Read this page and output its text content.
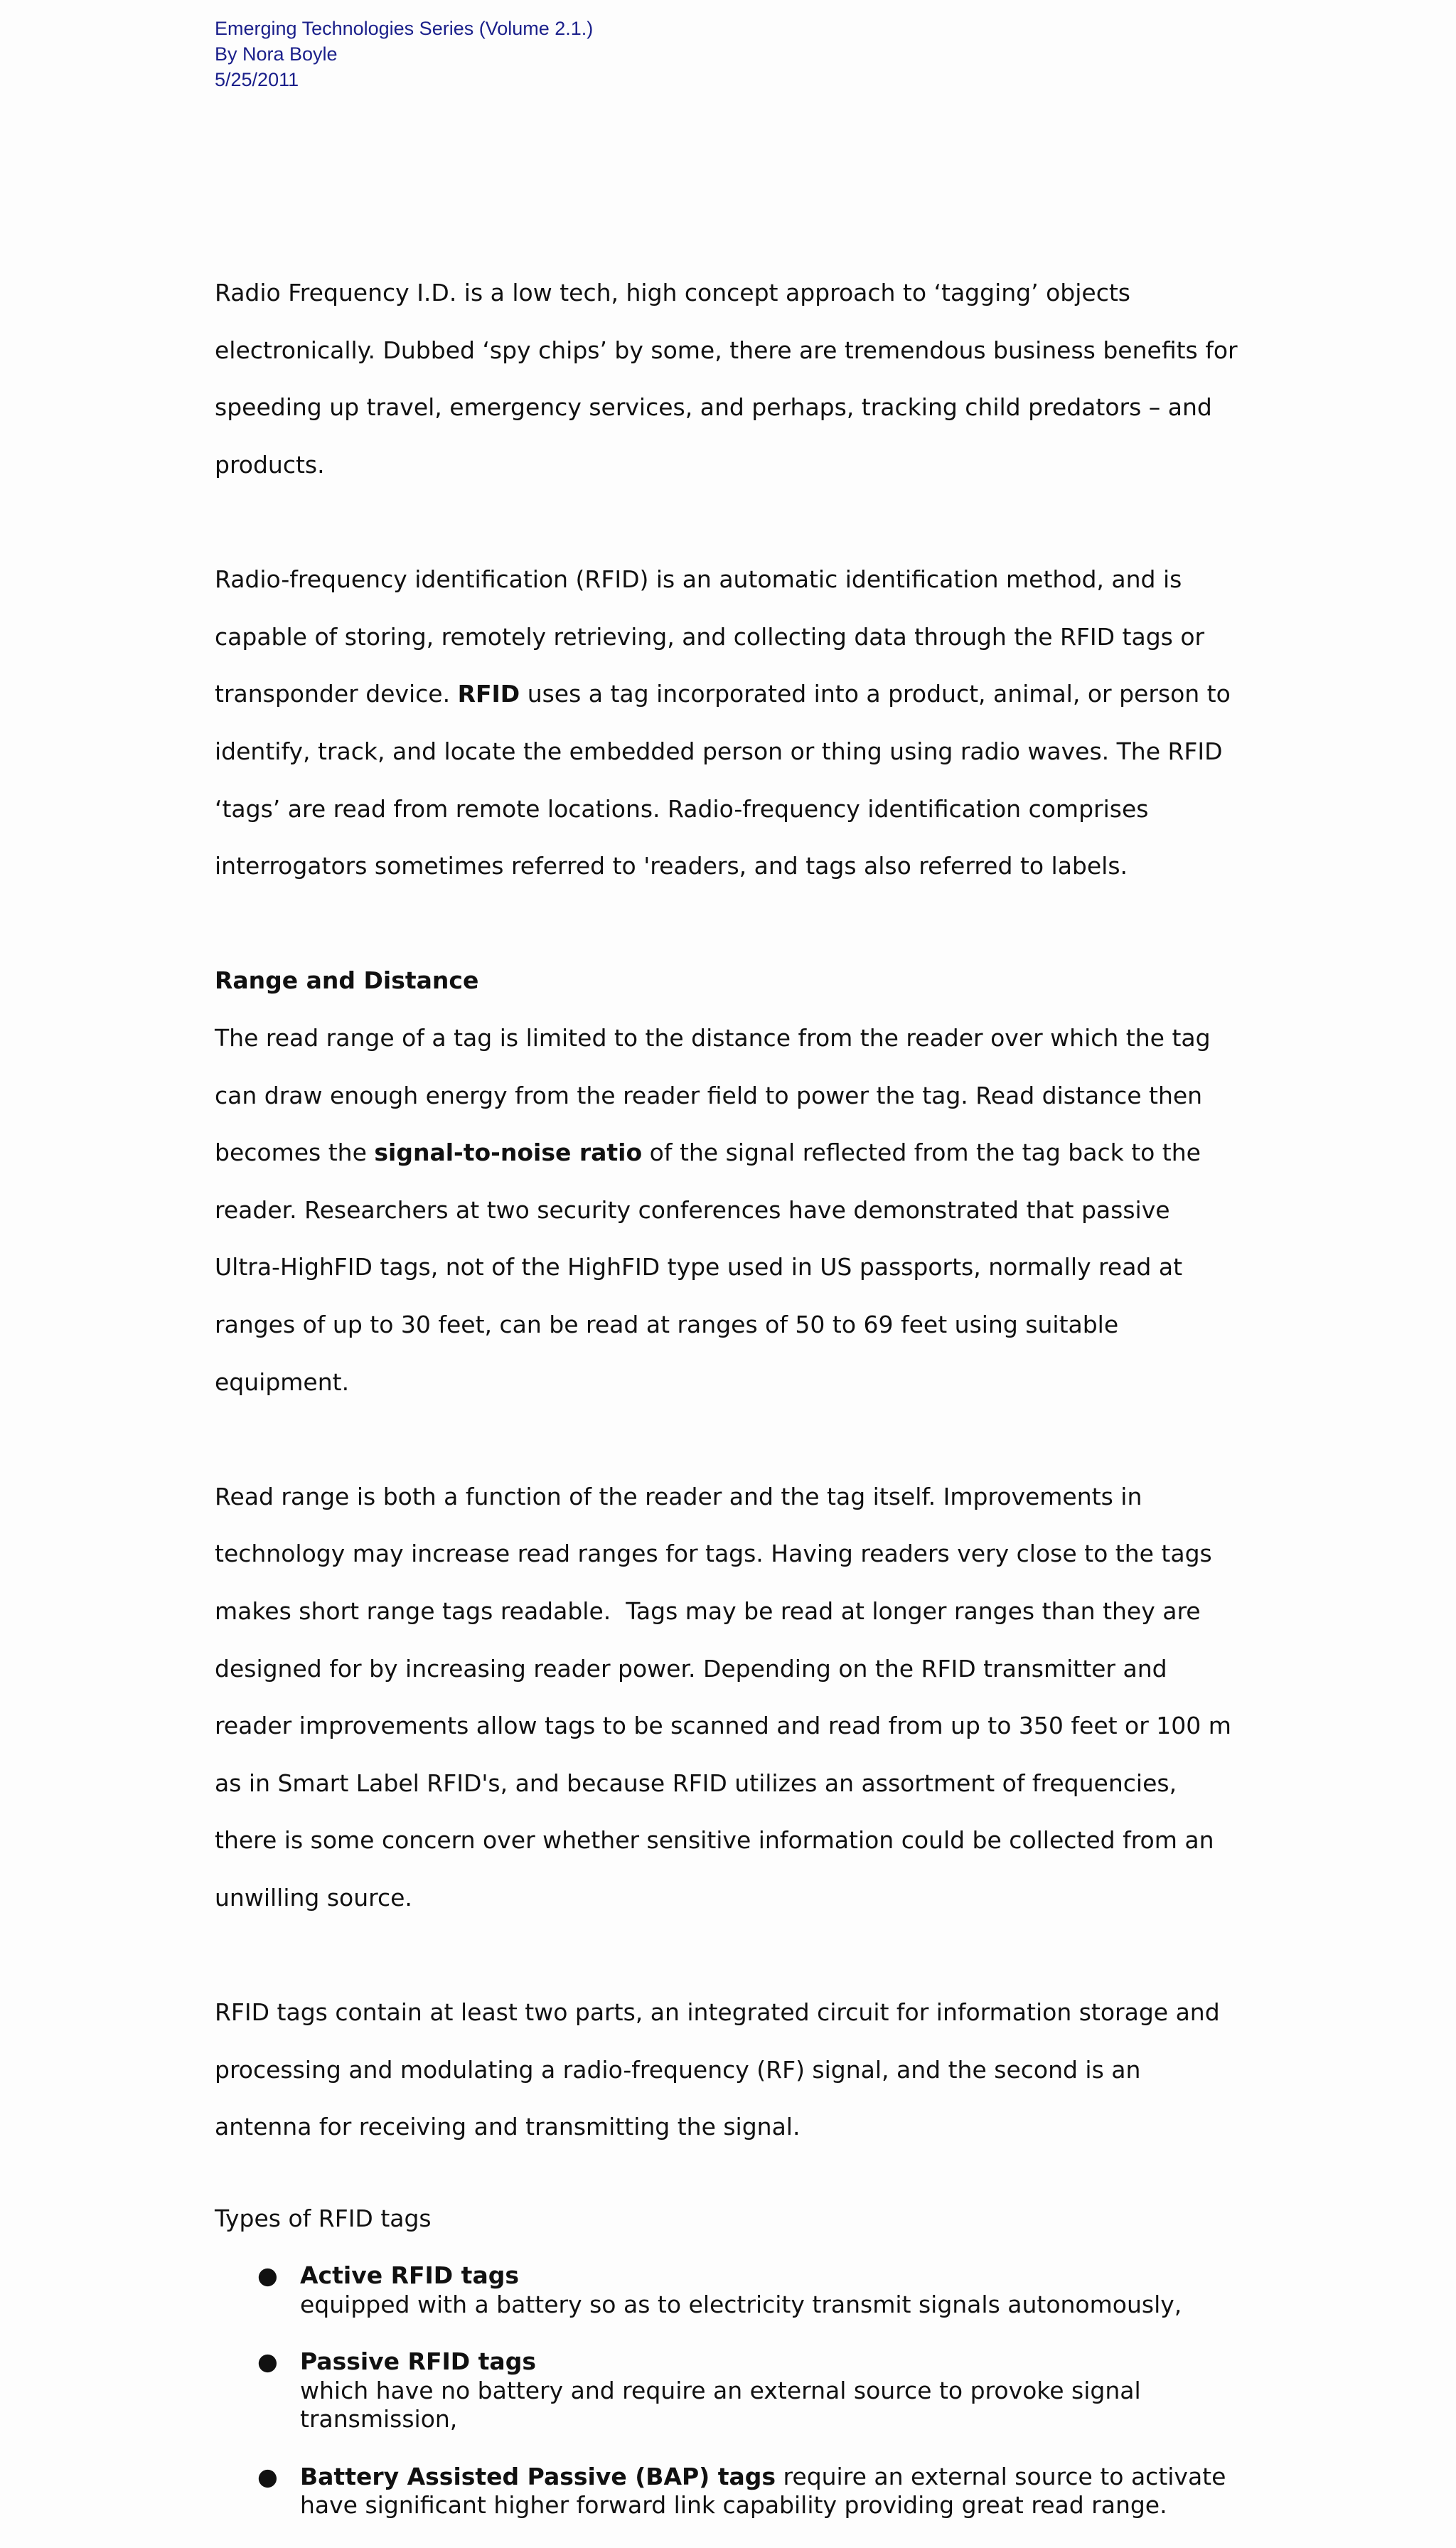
Emerging Technologies Series (Volume 2.1.)
By Nora Boyle
5/25/2011

Radio Frequency I.D. is a low tech, high concept approach to ‘tagging’ objects

electronically. Dubbed ‘spy chips’ by some, there are tremendous business benefits for

speeding up travel, emergency services, and perhaps, tracking child predators – and

products.

Radio-frequency identification (RFID) is an automatic identification method, and is

capable of storing, remotely retrieving, and collecting data through the RFID tags or

transponder device. RFID uses a tag incorporated into a product, animal, or person to

identify, track, and locate the embedded person or thing using radio waves. The RFID

‘tags’ are read from remote locations. Radio-frequency identification comprises

interrogators sometimes referred to 'readers, and tags also referred to labels.

Range and Distance

The read range of a tag is limited to the distance from the reader over which the tag

can draw enough energy from the reader field to power the tag. Read distance then

becomes the signal-to-noise ratio of the signal reflected from the tag back to the

reader. Researchers at two security conferences have demonstrated that passive

Ultra-HighFID tags, not of the HighFID type used in US passports, normally read at

ranges of up to 30 feet, can be read at ranges of 50 to 69 feet using suitable

equipment.

Read range is both a function of the reader and the tag itself. Improvements in

technology may increase read ranges for tags. Having readers very close to the tags

makes short range tags readable.  Tags may be read at longer ranges than they are

designed for by increasing reader power. Depending on the RFID transmitter and

reader improvements allow tags to be scanned and read from up to 350 feet or 100 m

as in Smart Label RFID's, and because RFID utilizes an assortment of frequencies,

there is some concern over whether sensitive information could be collected from an

unwilling source.

RFID tags contain at least two parts, an integrated circuit for information storage and

processing and modulating a radio-frequency (RF) signal, and the second is an

antenna for receiving and transmitting the signal.

Types of RFID tags

● Active RFID tags
equipped with a battery so as to electricity transmit signals autonomously,
● Passive RFID tags
which have no battery and require an external source to provoke signal
transmission,
● Battery Assisted Passive (BAP) tags require an external source to activate
have significant higher forward link capability providing great read range.
